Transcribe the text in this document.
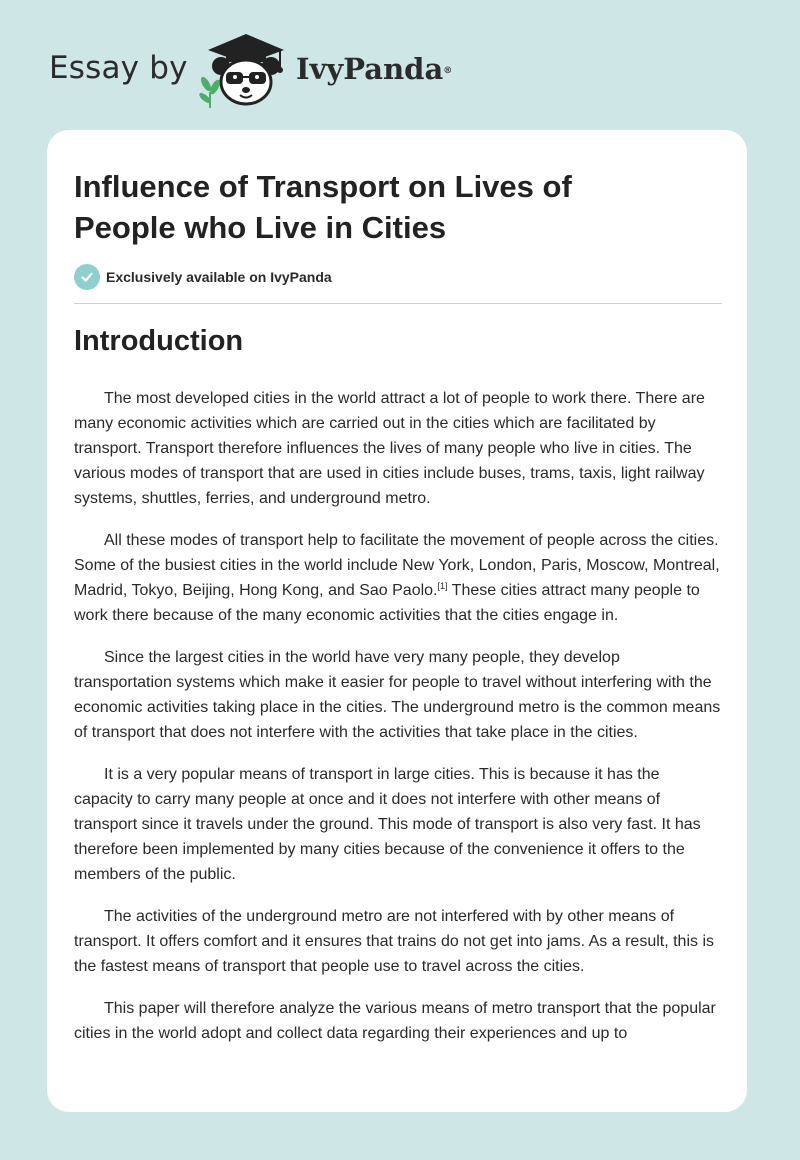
Essay by	IvyPanda®
Influence of Transport on Lives of People who Live in Cities
Exclusively available on IvyPanda
Introduction

The most developed cities in the world attract a lot of people to work there. There are many economic activities which are carried out in the cities which are facilitated by transport. Transport therefore influences the lives of many people who live in cities. The various modes of transport that are used in cities include buses, trams, taxis, light railway systems, shuttles, ferries, and underground metro.

All these modes of transport help to facilitate the movement of people across the cities. Some of the busiest cities in the world include New York, London, Paris, Moscow, Montreal, Madrid, Tokyo, Beijing, Hong Kong, and Sao Paolo.[1] These cities attract many people to work there because of the many economic activities that the cities engage in.

Since the largest cities in the world have very many people, they develop transportation systems which make it easier for people to travel without interfering with the economic activities taking place in the cities. The underground metro is the common means of transport that does not interfere with the activities that take place in the cities.

It is a very popular means of transport in large cities. This is because it has the capacity to carry many people at once and it does not interfere with other means of transport since it travels under the ground. This mode of transport is also very fast. It has therefore been implemented by many cities because of the convenience it offers to the members of the public.

The activities of the underground metro are not interfered with by other means of transport. It offers comfort and it ensures that trains do not get into jams. As a result, this is the fastest means of transport that people use to travel across the cities.

This paper will therefore analyze the various means of metro transport that the popular cities in the world adopt and collect data regarding their experiences and up to
